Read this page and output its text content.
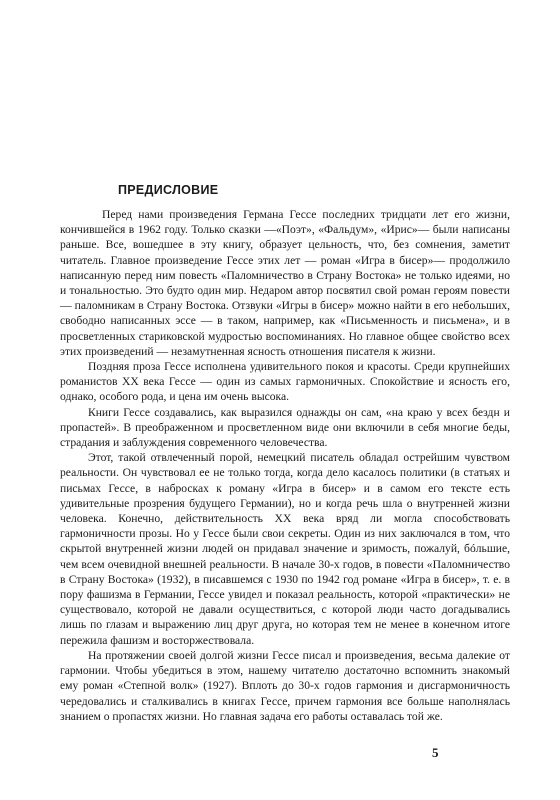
ПРЕДИСЛОВИЕ

Перед нами произведения Германа Гессе последних тридцати лет его жизни, кончившейся в 1962 году. Только сказки —«Поэт», «Фальдум», «Ирис»— были написаны раньше. Все, вошедшее в эту книгу, образует цельность, что, без сомнения, заметит читатель. Главное произведение Гессе этих лет — роман «Игра в бисер»— продолжило написанную перед ним повесть «Паломничество в Страну Востока» не только идеями, но и тональностью. Это будто один мир. Недаром автор посвятил свой роман героям повести — паломникам в Страну Востока. Отзвуки «Игры в бисер» можно найти в его небольших, свободно написанных эссе — в таком, например, как «Письменность и письмена», и в просветленных стариковской мудростью воспоминаниях. Но главное общее свойство всех этих произведений — незамутненная ясность отношения писателя к жизни.

Поздняя проза Гессе исполнена удивительного покоя и красоты. Среди крупнейших романистов XX века Гессе — один из самых гармоничных. Спокойствие и ясность его, однако, особого рода, и цена им очень высока.

Книги Гессе создавались, как выразился однажды он сам, «на краю у всех бездн и пропастей». В преображенном и просветленном виде они включили в себя многие беды, страдания и заблуждения современного человечества.

Этот, такой отвлеченный порой, немецкий писатель обладал острейшим чувством реальности. Он чувствовал ее не только тогда, когда дело касалось политики (в статьях и письмах Гессе, в набросках к роману «Игра в бисер» и в самом его тексте есть удивительные прозрения будущего Германии), но и когда речь шла о внутренней жизни человека. Конечно, действительность XX века вряд ли могла способствовать гармоничности прозы. Но у Гессе были свои секреты. Один из них заключался в том, что скрытой внутренней жизни людей он придавал значение и зримость, пожалуй, бóльшие, чем всем очевидной внешней реальности. В начале 30-х годов, в повести «Паломничество в Страну Востока» (1932), в писавшемся с 1930 по 1942 год романе «Игра в бисер», т. е. в пору фашизма в Германии, Гессе увидел и показал реальность, которой «практически» не существовало, которой не давали осуществиться, с которой люди часто догадывались лишь по глазам и выражению лиц друг друга, но которая тем не менее в конечном итоге пережила фашизм и восторжествовала.

На протяжении своей долгой жизни Гессе писал и произведения, весьма далекие от гармонии. Чтобы убедиться в этом, нашему читателю достаточно вспомнить знакомый ему роман «Степной волк» (1927). Вплоть до 30-х годов гармония и дисгармоничность чередовались и сталкивались в книгах Гессе, причем гармония все больше наполнялась знанием о пропастях жизни. Но главная задача его работы оставалась той же.

5
